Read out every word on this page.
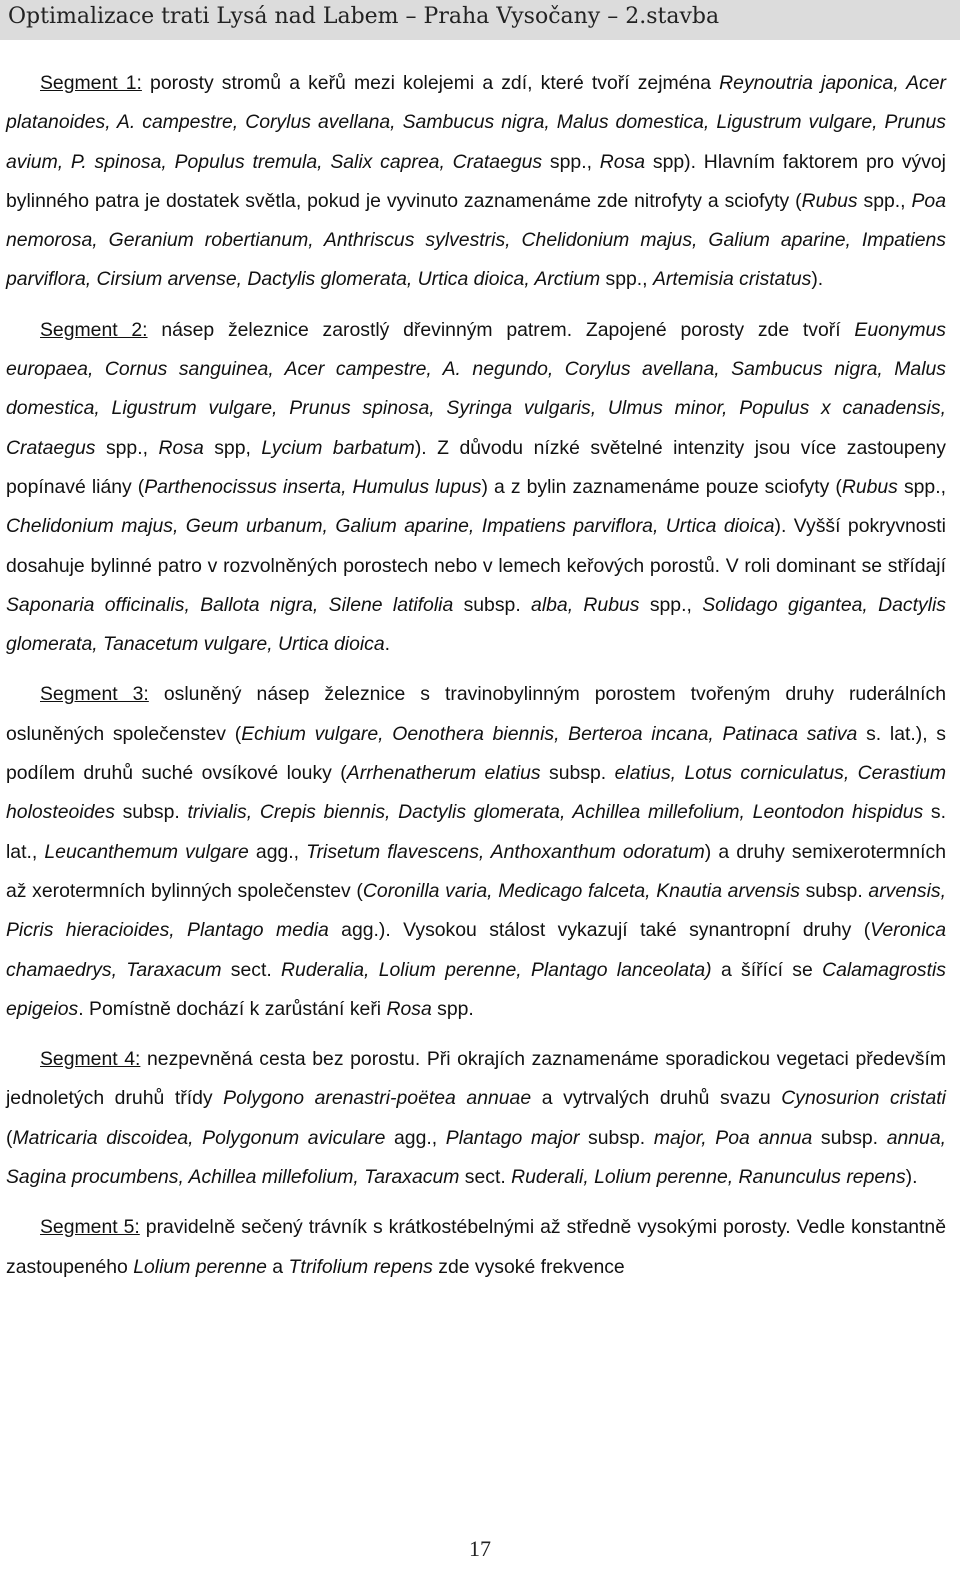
Optimalizace trati Lysá nad Labem – Praha Vysočany – 2.stavba

Segment 1: porosty stromů a keřů mezi kolejemi a zdí, které tvoří zejména Reynoutria japonica, Acer platanoides, A. campestre, Corylus avellana, Sambucus nigra, Malus domestica, Ligustrum vulgare, Prunus avium, P. spinosa, Populus tremula, Salix caprea, Crataegus spp., Rosa spp). Hlavním faktorem pro vývoj bylinného patra je dostatek světla, pokud je vyvinuto zaznamenáme zde nitrofyty a sciofyty (Rubus spp., Poa nemorosa, Geranium robertianum, Anthriscus sylvestris, Chelidonium majus, Galium aparine, Impatiens parviflora, Cirsium arvense, Dactylis glomerata, Urtica dioica, Arctium spp., Artemisia cristatus).

Segment 2: násep železnice zarostlý dřevinným patrem. Zapojené porosty zde tvoří Euonymus europaea, Cornus sanguinea, Acer campestre, A. negundo, Corylus avellana, Sambucus nigra, Malus domestica, Ligustrum vulgare, Prunus spinosa, Syringa vulgaris, Ulmus minor, Populus x canadensis, Crataegus spp., Rosa spp, Lycium barbatum). Z důvodu nízké světelné intenzity jsou více zastoupeny popínavé liány (Parthenocissus inserta, Humulus lupus) a z bylin zaznamenáme pouze sciofyty (Rubus spp., Chelidonium majus, Geum urbanum, Galium aparine, Impatiens parviflora, Urtica dioica). Vyšší pokryvnosti dosahuje bylinné patro v rozvolněných porostech nebo v lemech keřových porostů. V roli dominant se střídají Saponaria officinalis, Ballota nigra, Silene latifolia subsp. alba, Rubus spp., Solidago gigantea, Dactylis glomerata, Tanacetum vulgare, Urtica dioica.

Segment 3: osluněný násep železnice s travinobylinným porostem tvořeným druhy ruderálních osluněných společenstev (Echium vulgare, Oenothera biennis, Berteroa incana, Patinaca sativa s. lat.), s podílem druhů suché ovsíkové louky (Arrhenatherum elatius subsp. elatius, Lotus corniculatus, Cerastium holosteoides subsp. trivialis, Crepis biennis, Dactylis glomerata, Achillea millefolium, Leontodon hispidus s. lat., Leucanthemum vulgare agg., Trisetum flavescens, Anthoxanthum odoratum) a druhy semixerotermních až xerotermních bylinných společenstev (Coronilla varia, Medicago falceta, Knautia arvensis subsp. arvensis, Picris hieracioides, Plantago media agg.). Vysokou stálost vykazují také synantropní druhy (Veronica chamaedrys, Taraxacum sect. Ruderalia, Lolium perenne, Plantago lanceolata) a šířící se Calamagrostis epigeios. Pomístně dochází k zarůstání keři Rosa spp.

Segment 4: nezpevněná cesta bez porostu. Při okrajích zaznamenáme sporadickou vegetaci především jednoletých druhů třídy Polygono arenastri-poëtea annuae a vytrvalých druhů svazu Cynosurion cristati (Matricaria discoidea, Polygonum aviculare agg., Plantago major subsp. major, Poa annua subsp. annua, Sagina procumbens, Achillea millefolium, Taraxacum sect. Ruderali, Lolium perenne, Ranunculus repens).

Segment 5: pravidelně sečený trávník s krátkostébelnými až středně vysokými porosty. Vedle konstantně zastoupeného Lolium perenne a Ttrifolium repens zde vysoké frekvence

17
